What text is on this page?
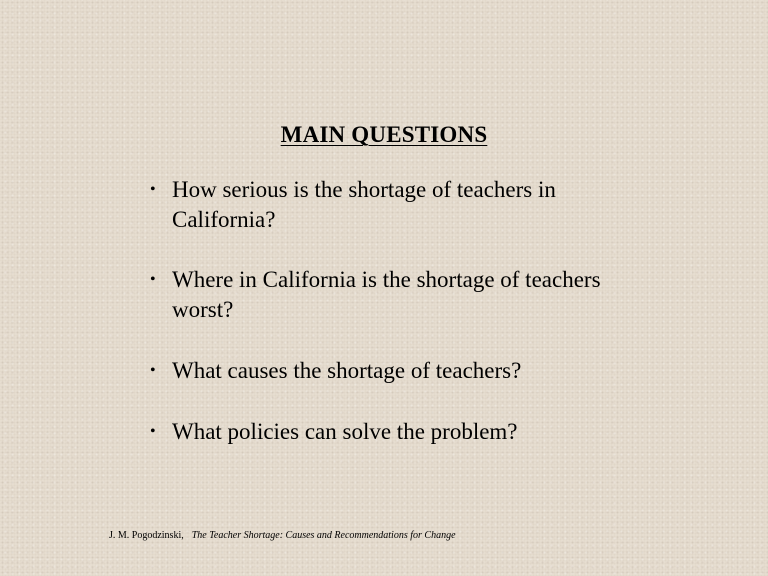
MAIN QUESTIONS
• How serious is the shortage of teachers in California?
• Where in California is the shortage of teachers worst?
• What causes the shortage of teachers?
• What policies can solve the problem?
J. M. Pogodzinski, The Teacher Shortage: Causes and Recommendations for Change
